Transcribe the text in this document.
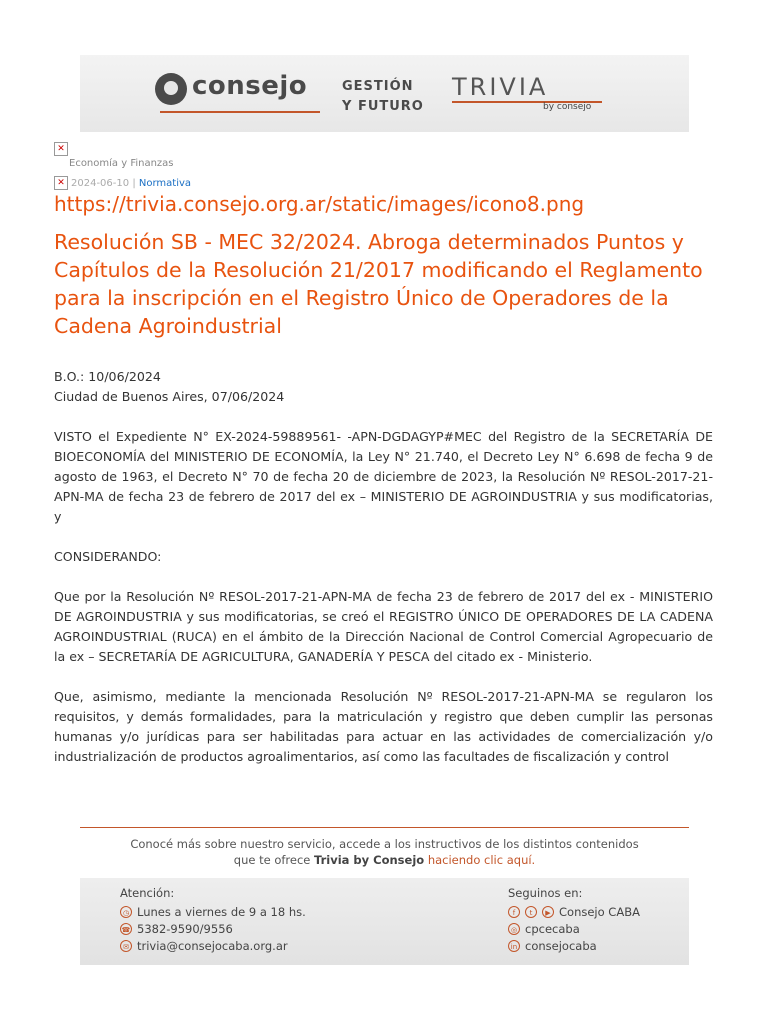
consejo	GESTIÓN
Y FUTURO
TRIVIA
by consejo
✕
Economía y Finanzas
✕ 2024-06-10 | Normativa
https://trivia.consejo.org.ar/static/images/icono8.png
Resolución SB - MEC 32/2024. Abroga determinados Puntos y Capítulos de la Resolución 21/2017 modificando el Reglamento para la inscripción en el Registro Único de Operadores de la Cadena Agroindustrial

B.O.: 10/06/2024

Ciudad de Buenos Aires, 07/06/2024

VISTO el Expediente N° EX-2024-59889561- -APN-DGDAGYP#MEC del Registro de la SECRETARÍA DE BIOECONOMÍA del MINISTERIO DE ECONOMÍA, la Ley N° 21.740, el Decreto Ley N° 6.698 de fecha 9 de agosto de 1963, el Decreto N° 70 de fecha 20 de diciembre de 2023, la Resolución Nº RESOL-2017-21-APN-MA de fecha 23 de febrero de 2017 del ex – MINISTERIO DE AGROINDUSTRIA y sus modificatorias, y

CONSIDERANDO:

Que por la Resolución Nº RESOL-2017-21-APN-MA de fecha 23 de febrero de 2017 del ex - MINISTERIO DE AGROINDUSTRIA y sus modificatorias, se creó el REGISTRO ÚNICO DE OPERADORES DE LA CADENA AGROINDUSTRIAL (RUCA) en el ámbito de la Dirección Nacional de Control Comercial Agropecuario de la ex – SECRETARÍA DE AGRICULTURA, GANADERÍA Y PESCA del citado ex - Ministerio.

Que, asimismo, mediante la mencionada Resolución Nº RESOL-2017-21-APN-MA se regularon los requisitos, y demás formalidades, para la matriculación y registro que deben cumplir las personas humanas y/o jurídicas para ser habilitadas para actuar en las actividades de comercialización y/o industrialización de productos agroalimentarios, así como las facultades de fiscalización y control

Conocé más sobre nuestro servicio, accede a los instructivos de los distintos contenidos
que te ofrece Trivia by Consejo haciendo clic aquí.
Atención:
◷ Lunes a viernes de 9 a 18 hs.
☎ 5382-9590/9556
✉ trivia@consejocaba.org.ar
Seguinos en:
f	t	▶ Consejo CABA
◎ cpcecaba
in consejocaba
